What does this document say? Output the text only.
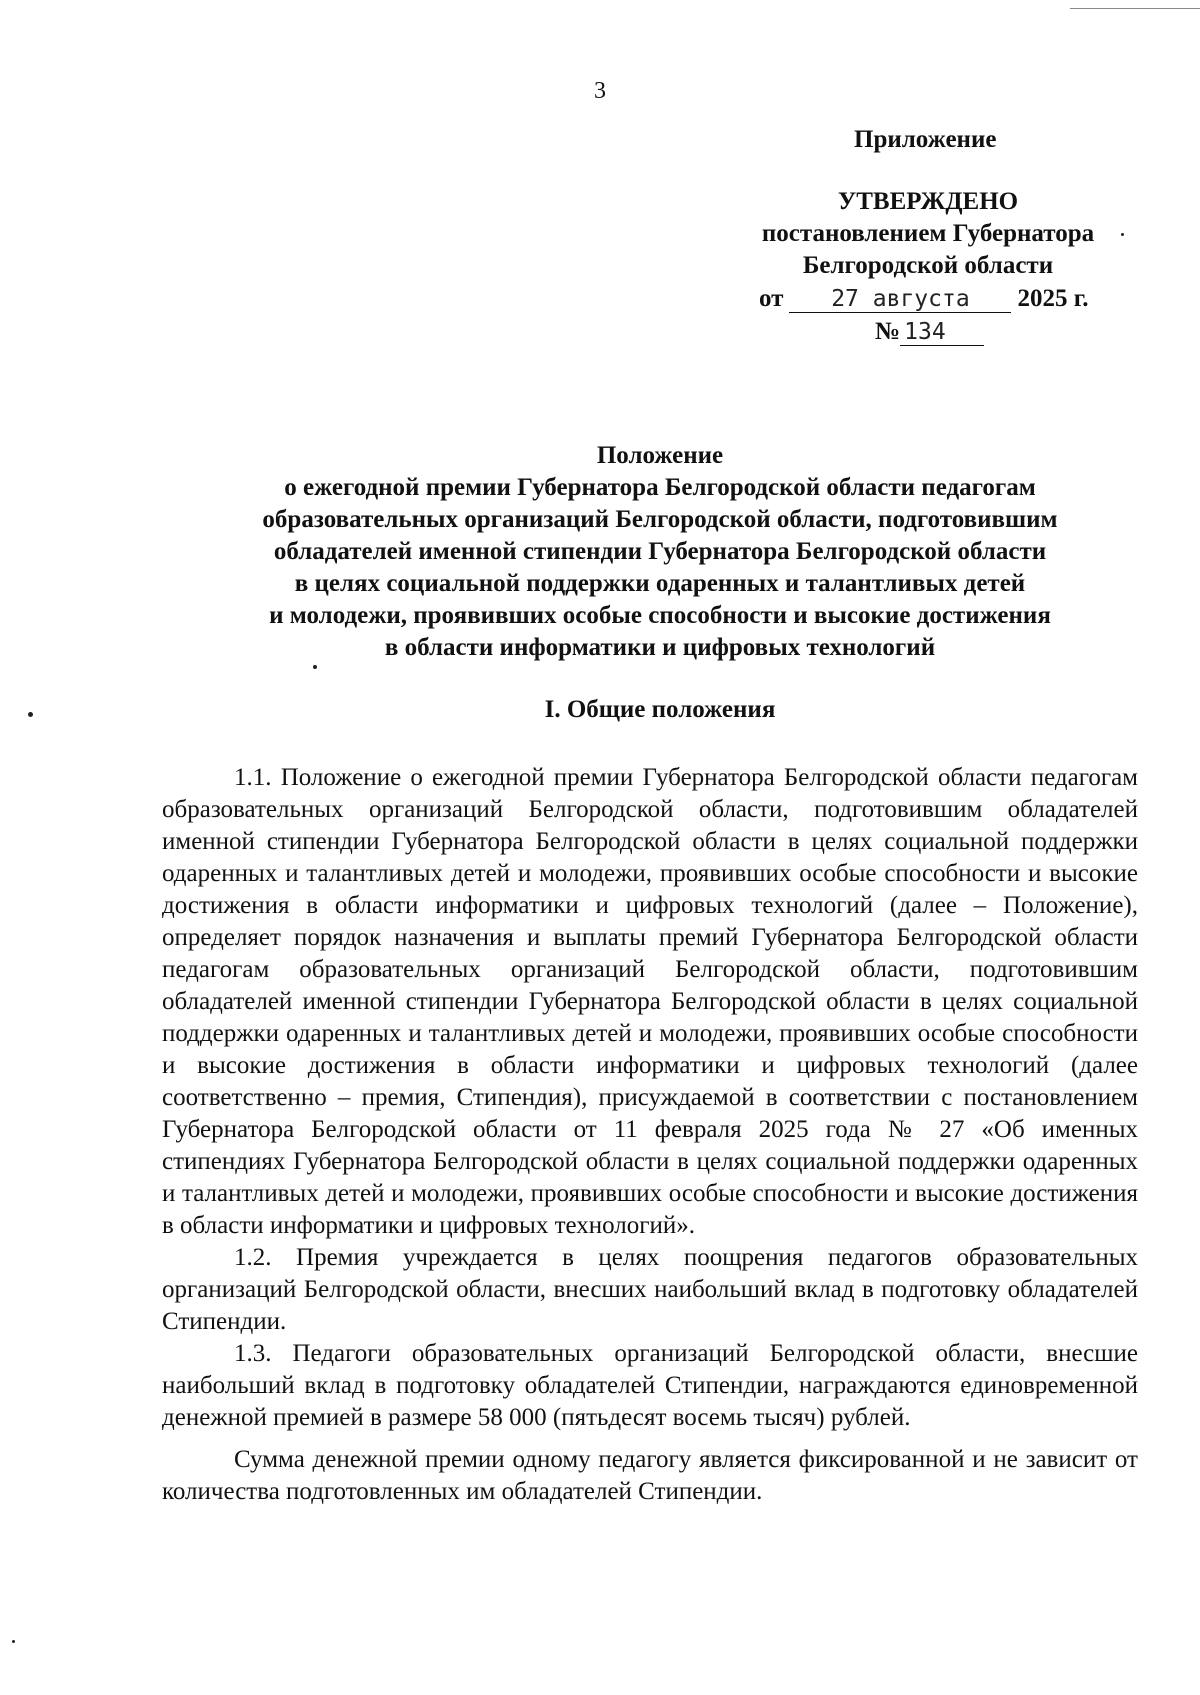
3
Приложение
УТВЕРЖДЕНО
постановлением Губернатора
Белгородской области
от 27 августа 2025 г.
№ 134
Положение
о ежегодной премии Губернатора Белгородской области педагогам
образовательных организаций Белгородской области, подготовившим
обладателей именной стипендии Губернатора Белгородской области
в целях социальной поддержки одаренных и талантливых детей
и молодежи, проявивших особые способности и высокие достижения
в области информатики и цифровых технологий
I. Общие положения

1.1. Положение о ежегодной премии Губернатора Белгородской области педагогам образовательных организаций Белгородской области, подготовившим обладателей именной стипендии Губернатора Белгородской области в целях социальной поддержки одаренных и талантливых детей и молодежи, проявивших особые способности и высокие достижения в области информатики и цифровых технологий (далее – Положение), определяет порядок назначения и выплаты премий Губернатора Белгородской области педагогам образовательных организаций Белгородской области, подготовившим обладателей именной стипендии Губернатора Белгородской области в целях социальной поддержки одаренных и талантливых детей и молодежи, проявивших особые способности и высокие достижения в области информатики и цифровых технологий (далее соответственно – премия, Стипендия), присуждаемой в соответствии с постановлением Губернатора Белгородской области от 11 февраля 2025 года № 27 «Об именных стипендиях Губернатора Белгородской области в целях социальной поддержки одаренных и талантливых детей и молодежи, проявивших особые способности и высокие достижения в области информатики и цифровых технологий».

1.2. Премия учреждается в целях поощрения педагогов образовательных организаций Белгородской области, внесших наибольший вклад в подготовку обладателей Стипендии.

1.3. Педагоги образовательных организаций Белгородской области, внесшие наибольший вклад в подготовку обладателей Стипендии, награждаются единовременной денежной премией в размере 58 000 (пятьдесят восемь тысяч) рублей.

Сумма денежной премии одному педагогу является фиксированной и не зависит от количества подготовленных им обладателей Стипендии.
